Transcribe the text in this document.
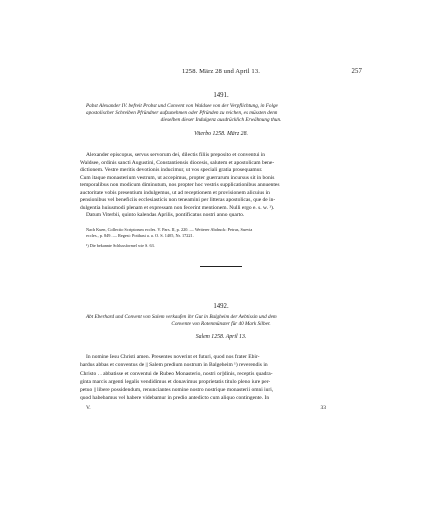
1258. März 28 und April 13.	257
1491.
Pabst Alexander IV. befreit Probst und Convent von Waldsee von der Verpflichtung, in Folge
apostolischer Schreiben Pfründner aufzunehmen oder Pfründen zu reichen, es müssten denn
dieselben dieser Indulgenz ausdrücklich Erwähnung thun.
Viterbo 1258. März 28.

Alexander episcopus, servus servorum dei, dilectis filiis preposito et conventui in

Waldsee, ordinis sancti Augustini, Constantiensis diocesis, salutem et apostolicam bene-
dictionem. Vestre meritis devotionis inducimur, ut vos speciali gratia prosequamur.
Cum itaque monasterium vestrum, ut accepimus, propter guerrarum incursus sit in bonis
temporalibus non modicum diminutum, nos propter hoc vestris supplicationibus annuentes
auctoritate vobis presentium indulgemus, ut ad receptionem et provisionem alicuius in
pensionibus vel beneficiis ecclesiasticis non teneamini per litteras apostolicas, que de in-
dulgentia huiusmodi plenam et expressam non fecerint mentionem. Nulli ergo e. s. w. ¹).

Datum Viterbii, quinto kalendas Aprilis, pontificatus nostri anno quarto.

Nach Kuen, Collectio Scriptorum eccles. V. Pars. II, p. 220. — Weiterer Abdruck: Petrus, Suevia

eccles., p. 849. — Regest: Potthast a. a. O. S. 1405, Nr. 17221.
¹) Die bekannte Schlussformel wie S. 63.
1492.
Abt Eberhard und Convent von Salem verkaufen ihr Gut in Balgheim der Aebtissin und dem
Convente von Rotenmünster für 40 Mark Silber.
Salem 1258. April 13.

In nomine Iesu Christi amen. Presentes noverint et futuri, quod nos frater Ebir-

hardus abbas et conventus de || Salem predium nostrum in Balgeheim ¹) reverendis in
Christo . . abbatisse et conventui de Rubeo Monasterio, nostri or||dinis, receptis quadra-
ginta marcis argenti legalis vendidimus et donavimus proprietatis titulo pleno iure per-
petuo || libere possidendum, renunciantes nomine nostro nostrique monasterii omni iuri,
quod habebamus vel habere videbamur in predio antedicto cum aliquo contingente. In
V.	33
